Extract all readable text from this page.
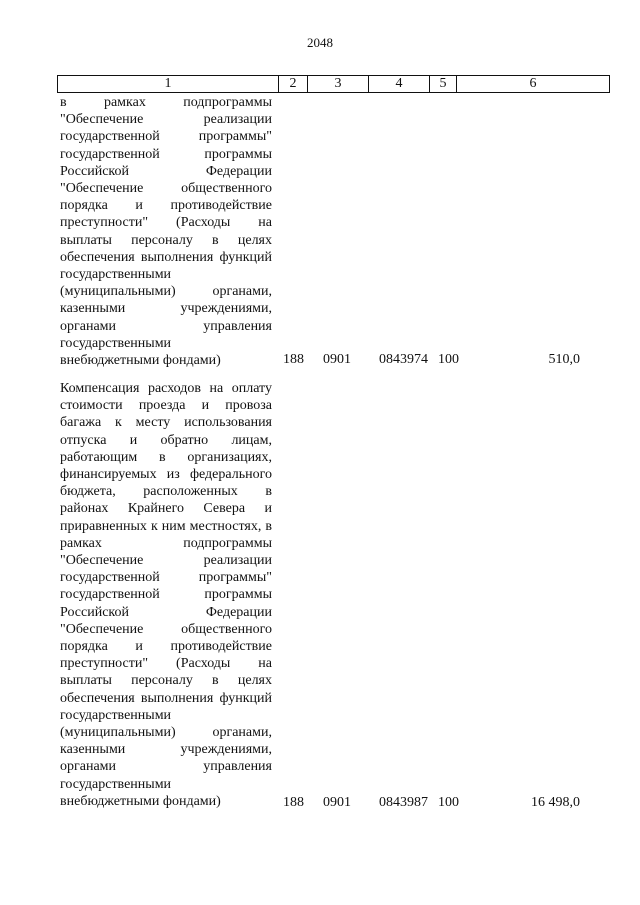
2048
1	2	3	4	5	6
в рамках подпрограммы "Обеспечение реализации государственной программы" государственной программы Российской Федерации "Обеспечение общественного порядка и противодействие преступности" (Расходы на выплаты персоналу в целях обеспечения выполнения функций государственными (муниципальными) органами, казенными учреждениями, органами управления государственными внебюджетными фондами)	188 0901 0843974 100	510,0
Компенсация расходов на оплату стоимости проезда и провоза багажа к месту использования отпуска и обратно лицам, работающим в организациях, финансируемых из федерального бюджета, расположенных в районах Крайнего Севера и приравненных к ним местностях, в рамках подпрограммы "Обеспечение реализации государственной программы" государственной программы Российской Федерации "Обеспечение общественного порядка и противодействие преступности" (Расходы на выплаты персоналу в целях обеспечения выполнения функций государственными (муниципальными) органами, казенными учреждениями, органами управления государственными внебюджетными фондами)	188 0901 0843987 100	16 498,0
